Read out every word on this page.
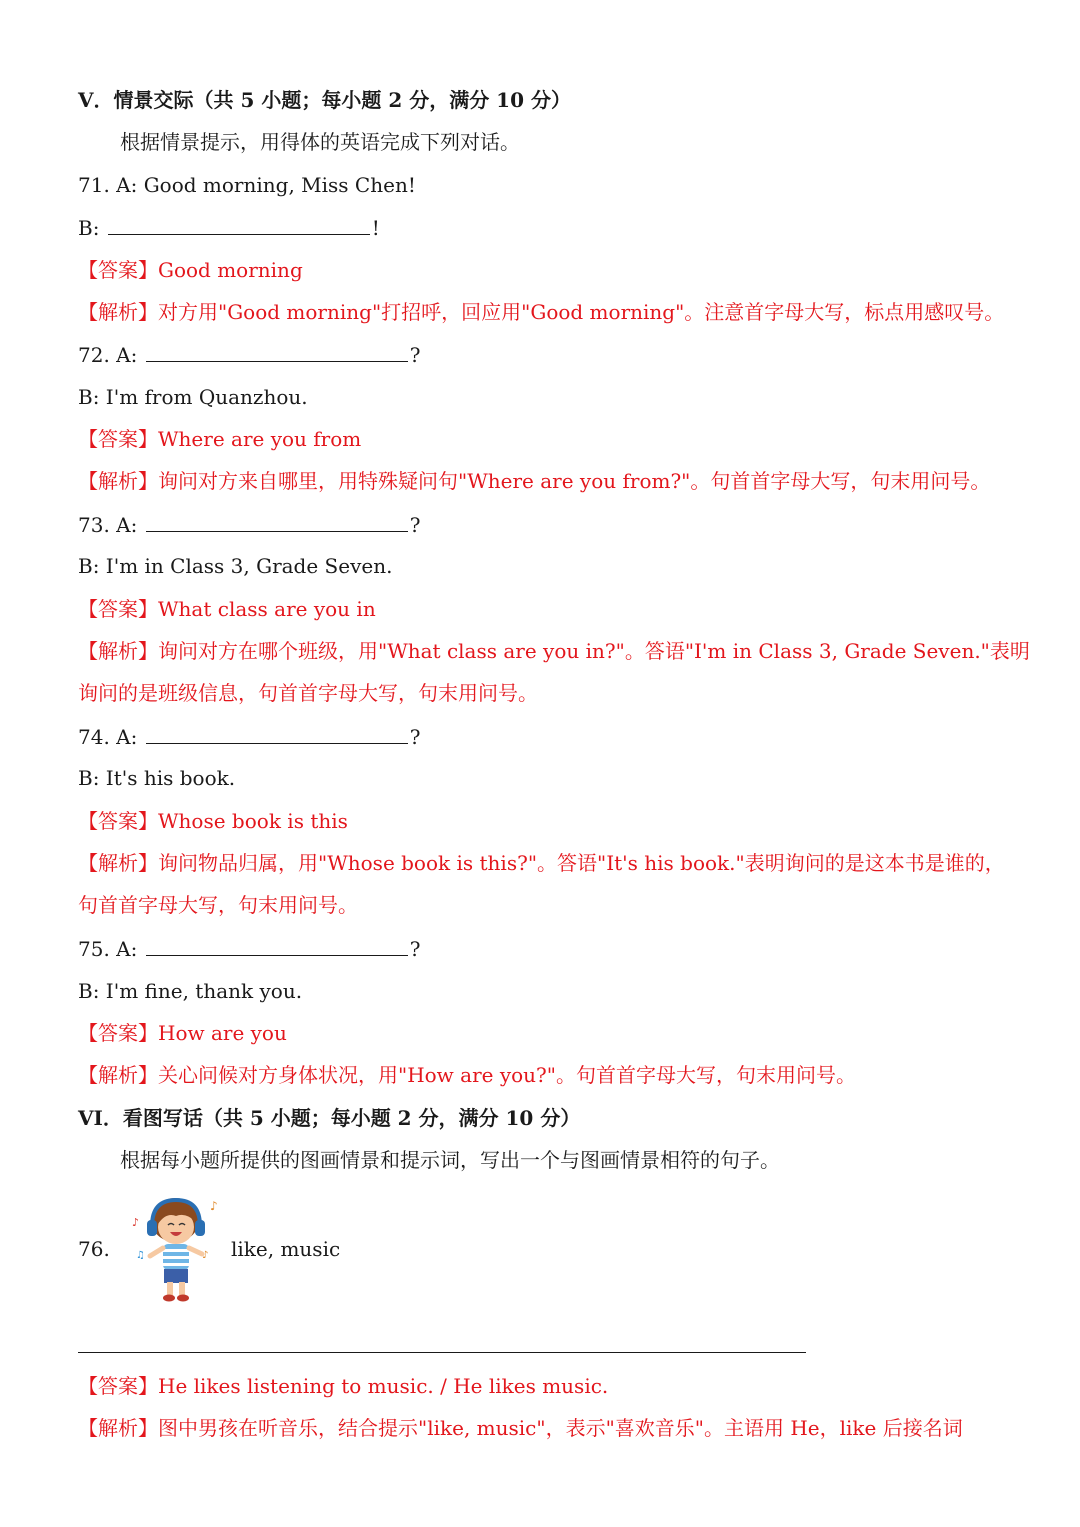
V．情景交际（共 5 小题；每小题 2 分，满分 10 分）
根据情景提示，用得体的英语完成下列对话。
71. A: Good morning, Miss Chen!
B:	!
【答案】Good morning
【解析】对方用"Good morning"打招呼，回应用"Good morning"。注意首字母大写，标点用感叹号。
72. A:	?
B: I'm from Quanzhou.
【答案】Where are you from
【解析】询问对方来自哪里，用特殊疑问句"Where are you from?"。句首首字母大写，句末用问号。
73. A:	?
B: I'm in Class 3, Grade Seven.
【答案】What class are you in
【解析】询问对方在哪个班级，用"What class are you in?"。答语"I'm in Class 3, Grade Seven."表明
询问的是班级信息，句首首字母大写，句末用问号。
74. A:	?
B: It's his book.
【答案】Whose book is this
【解析】询问物品归属，用"Whose book is this?"。答语"It's his book."表明询问的是这本书是谁的，
句首首字母大写，句末用问号。
75. A:	?
B: I'm fine, thank you.
【答案】How are you
【解析】关心问候对方身体状况，用"How are you?"。句首首字母大写，句末用问号。
VI．看图写话（共 5 小题；每小题 2 分，满分 10 分）
根据每小题所提供的图画情景和提示词，写出一个与图画情景相符的句子。
76.
♪
♪
♫	♪ like, music
【答案】He likes listening to music. / He likes music.
【解析】图中男孩在听音乐，结合提示"like, music"，表示"喜欢音乐"。主语用 He，like 后接名词
